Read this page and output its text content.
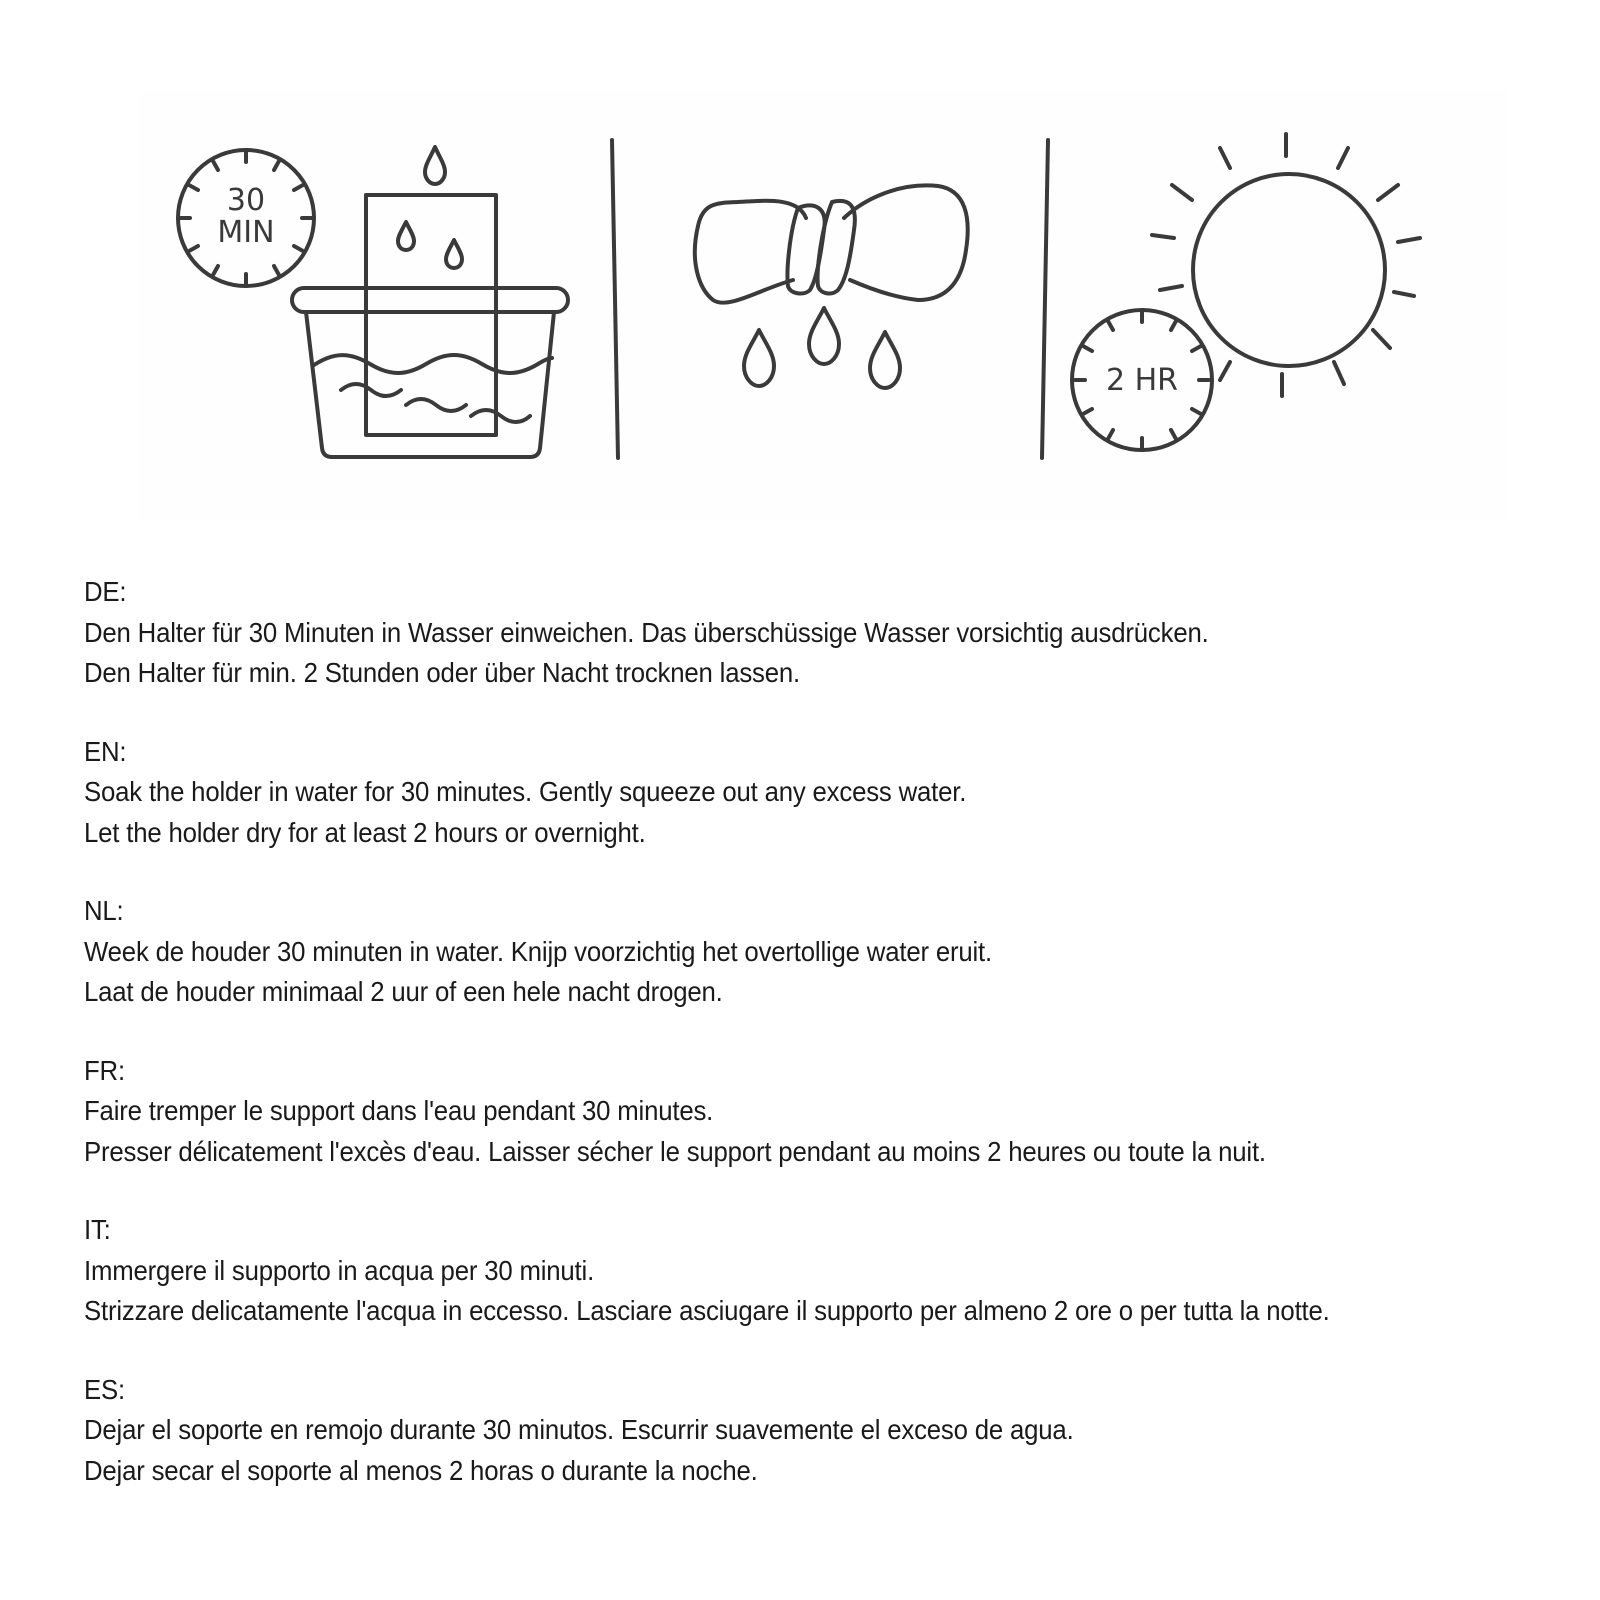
30
MIN
2 HR
DE:
Den Halter für 30 Minuten in Wasser einweichen. Das überschüssige Wasser vorsichtig ausdrücken.
Den Halter für min. 2 Stunden oder über Nacht trocknen lassen.
EN:
Soak the holder in water for 30 minutes. Gently squeeze out any excess water.
Let the holder dry for at least 2 hours or overnight.
NL:
Week de houder 30 minuten in water. Knijp voorzichtig het overtollige water eruit.
Laat de houder minimaal 2 uur of een hele nacht drogen.
FR:
Faire tremper le support dans l'eau pendant 30 minutes.
Presser délicatement l'excès d'eau. Laisser sécher le support pendant au moins 2 heures ou toute la nuit.
IT:
Immergere il supporto in acqua per 30 minuti.
Strizzare delicatamente l'acqua in eccesso. Lasciare asciugare il supporto per almeno 2 ore o per tutta la notte.
ES:
Dejar el soporte en remojo durante 30 minutos. Escurrir suavemente el exceso de agua.
Dejar secar el soporte al menos 2 horas o durante la noche.
